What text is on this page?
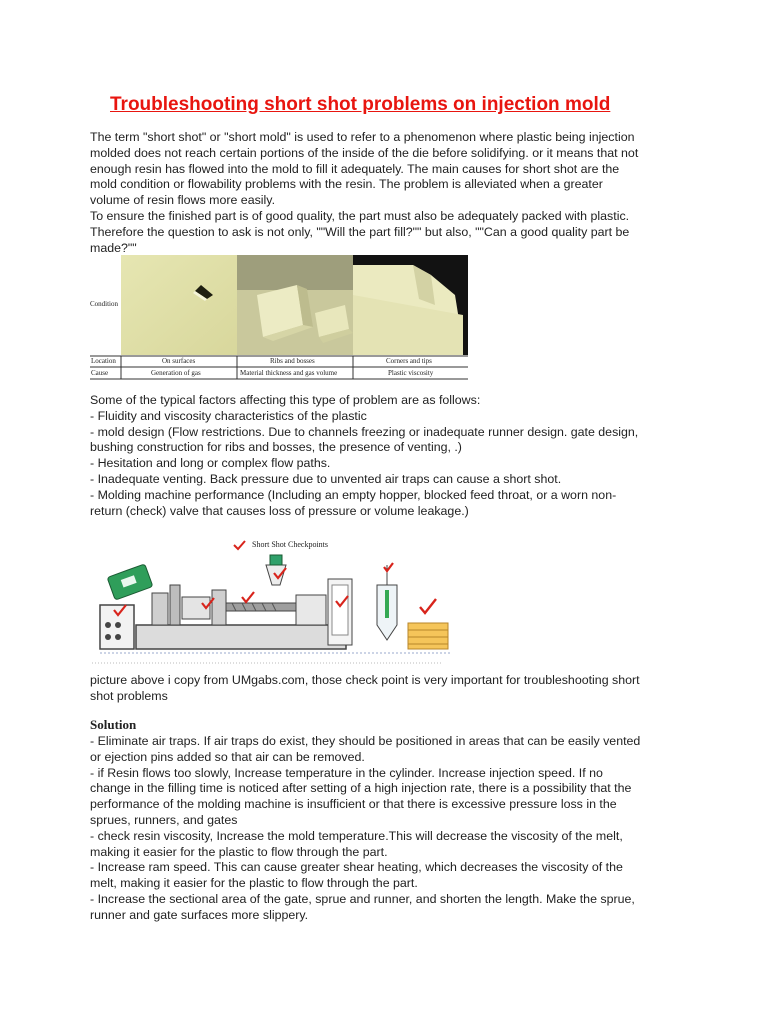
Troubleshooting short shot problems on injection mold
The term "short shot" or "short mold" is used to refer to a phenomenon where plastic being injection
molded does not reach certain portions of the inside of the die before solidifying. or it means that not
enough resin has flowed into the mold to fill it adequately. The main causes for short shot are the
mold condition or flowability problems with the resin. The problem is alleviated when a greater
volume of resin flows more easily.
To ensure the finished part is of good quality, the part must also be adequately packed with plastic.
Therefore the question to ask is not only, ""Will the part fill?"" but also, ""Can a good quality part be
made?""
Condition
Location
Cause
On surfaces
Generation of gas
Ribs and bosses
Material thickness and gas volume
Corners and tips
Plastic viscosity
Some of the typical factors affecting this type of problem are as follows:
- Fluidity and viscosity characteristics of the plastic
- mold design (Flow restrictions. Due to channels freezing or inadequate runner design. gate design,
bushing construction for ribs and bosses, the presence of venting, .)
- Hesitation and long or complex flow paths.
- Inadequate venting. Back pressure due to unvented air traps can cause a short shot.
- Molding machine performance (Including an empty hopper, blocked feed throat, or a worn non-
return (check) valve that causes loss of pressure or volume leakage.)
Short Shot Checkpoints
picture above i copy from UMgabs.com, those check point is very important for troubleshooting short
shot problems
Solution
- Eliminate air traps. If air traps do exist, they should be positioned in areas that can be easily vented
or ejection pins added so that air can be removed.
- if Resin flows too slowly, Increase temperature in the cylinder. Increase injection speed. If no
change in the filling time is noticed after setting of a high injection rate, there is a possibility that the
performance of the molding machine is insufficient or that there is excessive pressure loss in the
sprues, runners, and gates
- check resin viscosity, Increase the mold temperature.This will decrease the viscosity of the melt,
making it easier for the plastic to flow through the part.
- Increase ram speed. This can cause greater shear heating, which decreases the viscosity of the
melt, making it easier for the plastic to flow through the part.
- Increase the sectional area of the gate, sprue and runner, and shorten the length. Make the sprue,
runner and gate surfaces more slippery.
